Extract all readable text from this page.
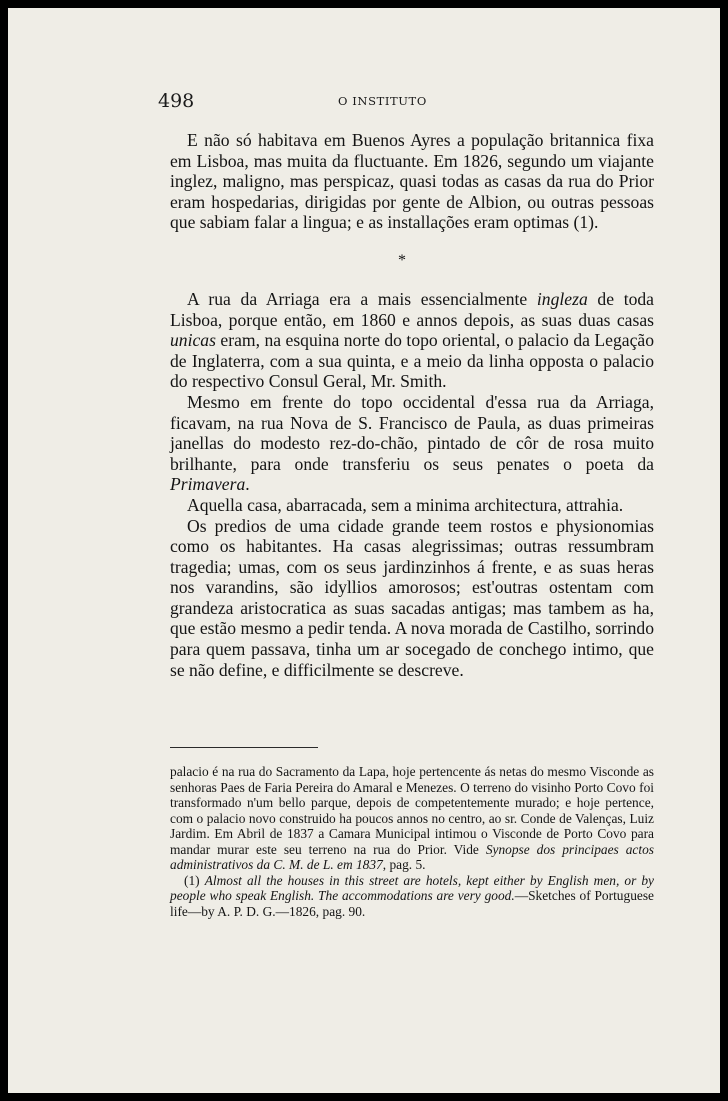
498	O INSTITUTO

E não só habitava em Buenos Ayres a população britannica fixa em Lisboa, mas muita da fluctuante. Em 1826, segundo um viajante inglez, maligno, mas perspicaz, quasi todas as casas da rua do Prior eram hospedarias, dirigidas por gente de Albion, ou outras pessoas que sabiam falar a lingua; e as installações eram optimas (1).

*

A rua da Arriaga era a mais essencialmente ingleza de toda Lisboa, porque então, em 1860 e annos depois, as suas duas casas unicas eram, na esquina norte do topo oriental, o palacio da Legação de Inglaterra, com a sua quinta, e a meio da linha opposta o palacio do respectivo Consul Geral, Mr. Smith.

Mesmo em frente do topo occidental d'essa rua da Arriaga, ficavam, na rua Nova de S. Francisco de Paula, as duas primeiras janellas do modesto rez-do-chão, pintado de côr de rosa muito brilhante, para onde transferiu os seus penates o poeta da Primavera.

Aquella casa, abarracada, sem a minima architectura, attrahia.

Os predios de uma cidade grande teem rostos e physionomias como os habitantes. Ha casas alegrissimas; outras ressumbram tragedia; umas, com os seus jardinzinhos á frente, e as suas heras nos varandins, são idyllios amorosos; est'outras ostentam com grandeza aristocratica as suas sacadas antigas; mas tambem as ha, que estão mesmo a pedir tenda. A nova morada de Castilho, sorrindo para quem passava, tinha um ar socegado de conchego intimo, que se não define, e difficilmente se descreve.

palacio é na rua do Sacramento da Lapa, hoje pertencente ás netas do mesmo Visconde as senhoras Paes de Faria Pereira do Amaral e Menezes. O terreno do visinho Porto Covo foi transformado n'um bello parque, depois de competentemente murado; e hoje pertence, com o palacio novo construido ha poucos annos no centro, ao sr. Conde de Valenças, Luiz Jardim. Em Abril de 1837 a Camara Municipal intimou o Visconde de Porto Covo para mandar murar este seu terreno na rua do Prior. Vide Synopse dos principaes actos administrativos da C. M. de L. em 1837, pag. 5.

(1) Almost all the houses in this street are hotels, kept either by English men, or by people who speak English. The accommodations are very good.—Sketches of Portuguese life—by A. P. D. G.—1826, pag. 90.
